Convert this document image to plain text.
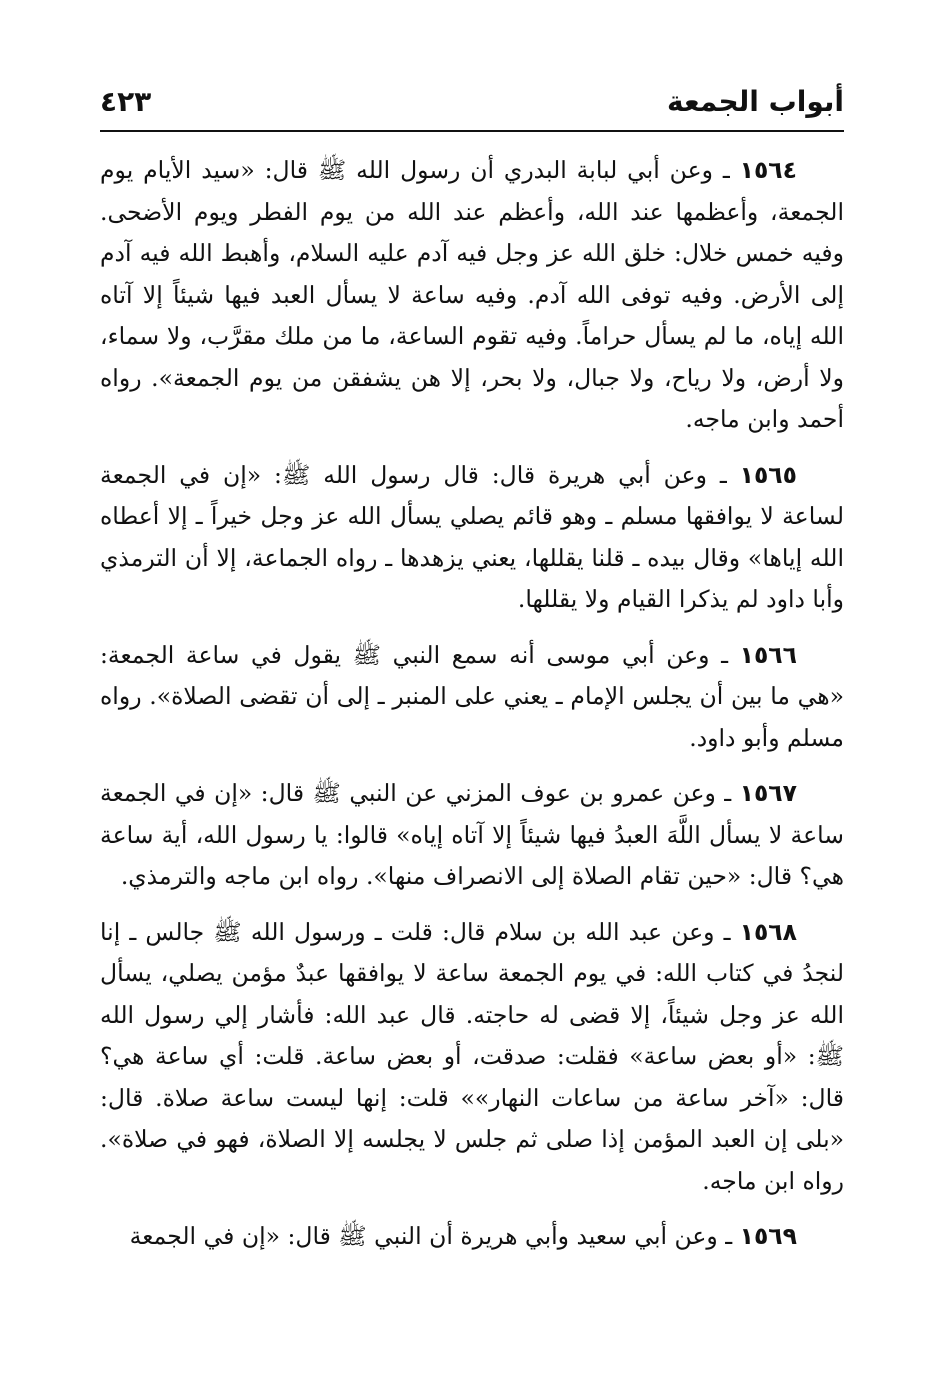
أبواب الجمعة
٤٢٣

  ١٥٦٤ ـ وعن أبي لبابة البدري أن رسول الله ﷺ قال: «سيد الأيام يوم الجمعة، وأعظمها عند الله، وأعظم عند الله من يوم الفطر ويوم الأضحى. وفيه خمس خلال: خلق الله عز وجل فيه آدم عليه السلام، وأهبط الله فيه آدم إلى الأرض. وفيه توفى الله آدم. وفيه ساعة لا يسأل العبد فيها شيئاً إلا آتاه الله إياه، ما لم يسأل حراماً. وفيه تقوم الساعة، ما من ملك مقرَّب، ولا سماء، ولا أرض، ولا رياح، ولا جبال، ولا بحر، إلا هن يشفقن من يوم الجمعة». رواه أحمد وابن ماجه.

  ١٥٦٥ ـ وعن أبي هريرة قال: قال رسول الله ﷺ: «إن في الجمعة لساعة لا يوافقها مسلم ـ وهو قائم يصلي يسأل الله عز وجل خيراً ـ إلا أعطاه الله إياها» وقال بيده ـ قلنا يقللها، يعني يزهدها ـ رواه الجماعة، إلا أن الترمذي وأبا داود لم يذكرا القيام ولا يقللها.

  ١٥٦٦ ـ وعن أبي موسى أنه سمع النبي ﷺ يقول في ساعة الجمعة: «هي ما بين أن يجلس الإمام ـ يعني على المنبر ـ إلى أن تقضى الصلاة». رواه مسلم وأبو داود.

  ١٥٦٧ ـ وعن عمرو بن عوف المزني عن النبي ﷺ قال: «إن في الجمعة ساعة لا يسأل اللَّهَ العبدُ فيها شيئاً إلا آتاه إياه» قالوا: يا رسول الله، أية ساعة هي؟ قال: «حين تقام الصلاة إلى الانصراف منها». رواه ابن ماجه والترمذي.

  ١٥٦٨ ـ وعن عبد الله بن سلام قال: قلت ـ ورسول الله ﷺ جالس ـ إنا لنجدُ في كتاب الله: في يوم الجمعة ساعة لا يوافقها عبدٌ مؤمن يصلي، يسأل الله عز وجل شيئاً، إلا قضى له حاجته. قال عبد الله: فأشار إلي رسول الله ﷺ: «أو بعض ساعة» فقلت: صدقت، أو بعض ساعة. قلت: أي ساعة هي؟ قال: «آخر ساعة من ساعات النهار»» قلت: إنها ليست ساعة صلاة. قال: «بلى إن العبد المؤمن إذا صلى ثم جلس لا يجلسه إلا الصلاة، فهو في صلاة». رواه ابن ماجه.

  ١٥٦٩ ـ وعن أبي سعيد وأبي هريرة أن النبي ﷺ قال: «إن في الجمعة
